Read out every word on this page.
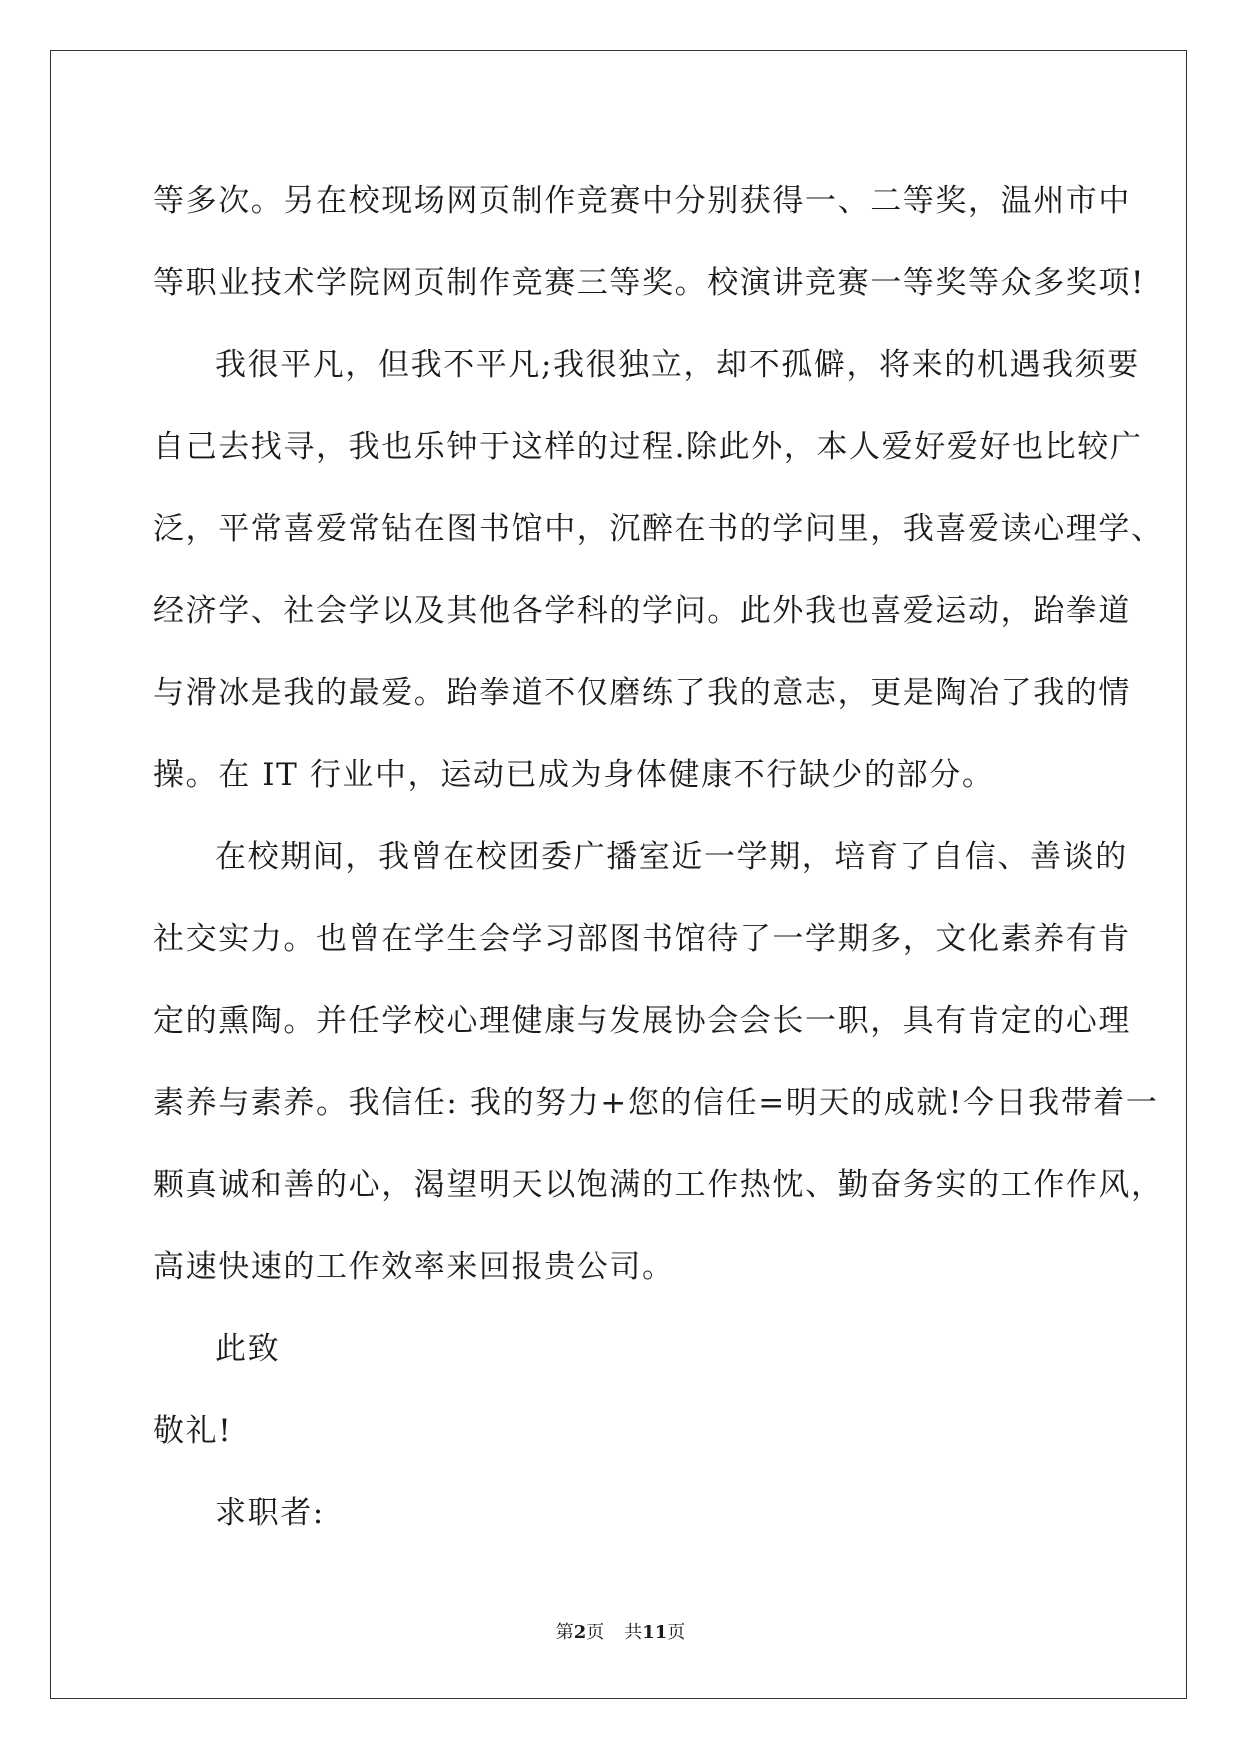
等多次。另在校现场网页制作竞赛中分别获得一、二等奖，温州市中
等职业技术学院网页制作竞赛三等奖。校演讲竞赛一等奖等众多奖项!
我很平凡，但我不平凡;我很独立，却不孤僻，将来的机遇我须要
自己去找寻，我也乐钟于这样的过程.除此外，本人爱好爱好也比较广
泛，平常喜爱常钻在图书馆中，沉醉在书的学问里，我喜爱读心理学、
经济学、社会学以及其他各学科的学问。此外我也喜爱运动，跆拳道
与滑冰是我的最爱。跆拳道不仅磨练了我的意志，更是陶冶了我的情
操。在 IT 行业中，运动已成为身体健康不行缺少的部分。
在校期间，我曾在校团委广播室近一学期，培育了自信、善谈的
社交实力。也曾在学生会学习部图书馆待了一学期多，文化素养有肯
定的熏陶。并任学校心理健康与发展协会会长一职，具有肯定的心理
素养与素养。我信任: 我的努力+您的信任=明天的成就!今日我带着一
颗真诚和善的心，渴望明天以饱满的工作热忱、勤奋务实的工作作风，
高速快速的工作效率来回报贵公司。
此致
敬礼!
求职者:
第2页 共11页
